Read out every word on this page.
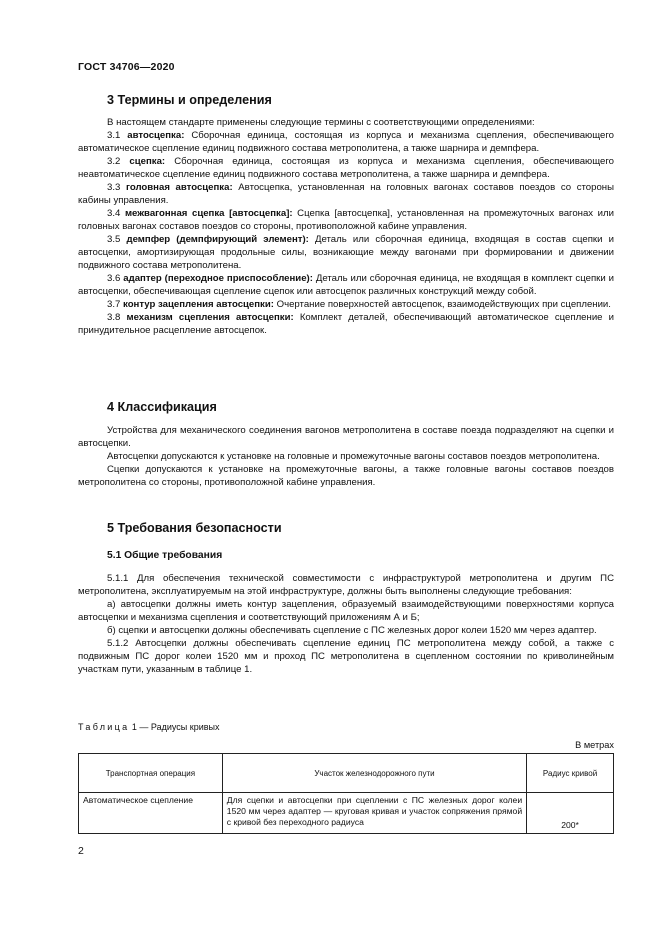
ГОСТ 34706—2020
3 Термины и определения

В настоящем стандарте применены следующие термины с соответствующими определениями:

3.1 автосцепка: Сборочная единица, состоящая из корпуса и механизма сцепления, обеспечивающего автоматическое сцепление единиц подвижного состава метрополитена, а также шарнира и демпфера.

3.2 сцепка: Сборочная единица, состоящая из корпуса и механизма сцепления, обеспечивающего неавтоматическое сцепление единиц подвижного состава метрополитена, а также шарнира и демпфера.

3.3 головная автосцепка: Автосцепка, установленная на головных вагонах составов поездов со стороны кабины управления.

3.4 межвагонная сцепка [автосцепка]: Сцепка [автосцепка], установленная на промежуточных вагонах или головных вагонах составов поездов со стороны, противоположной кабине управления.

3.5 демпфер (демпфирующий элемент): Деталь или сборочная единица, входящая в состав сцепки и автосцепки, амортизирующая продольные силы, возникающие между вагонами при формировании и движении подвижного состава метрополитена.

3.6 адаптер (переходное приспособление): Деталь или сборочная единица, не входящая в комплект сцепки и автосцепки, обеспечивающая сцепление сцепок или автосцепок различных конструкций между собой.

3.7 контур зацепления автосцепки: Очертание поверхностей автосцепок, взаимодействующих при сцеплении.

3.8 механизм сцепления автосцепки: Комплект деталей, обеспечивающий автоматическое сцепление и принудительное расцепление автосцепок.

4 Классификация

Устройства для механического соединения вагонов метрополитена в составе поезда подразделяют на сцепки и автосцепки.

Автосцепки допускаются к установке на головные и промежуточные вагоны составов поездов метрополитена.

Сцепки допускаются к установке на промежуточные вагоны, а также головные вагоны составов поездов метрополитена со стороны, противоположной кабине управления.

5 Требования безопасности
5.1 Общие требования

5.1.1 Для обеспечения технической совместимости с инфраструктурой метрополитена и другим ПС метрополитена, эксплуатируемым на этой инфраструктуре, должны быть выполнены следующие требования:

а) автосцепки должны иметь контур зацепления, образуемый взаимодействующими поверхностями корпуса автосцепки и механизма сцепления и соответствующий приложениям А и Б;

б) сцепки и автосцепки должны обеспечивать сцепление с ПС железных дорог колеи 1520 мм через адаптер.

5.1.2 Автосцепки должны обеспечивать сцепление единиц ПС метрополитена между собой, а также с подвижным ПС дорог колеи 1520 мм и проход ПС метрополитена в сцепленном состоянии по криволинейным участкам пути, указанным в таблице 1.

Таблица 1 — Радиусы кривых
В метрах
Транспортная операция	Участок железнодорожного пути	Радиус кривой
Автоматическое сцепление	Для сцепки и автосцепки при сцеплении с ПС железных дорог колеи 1520 мм через адаптер — круговая кривая и участок сопряжения прямой с кривой без переходного радиуса	200*
2
